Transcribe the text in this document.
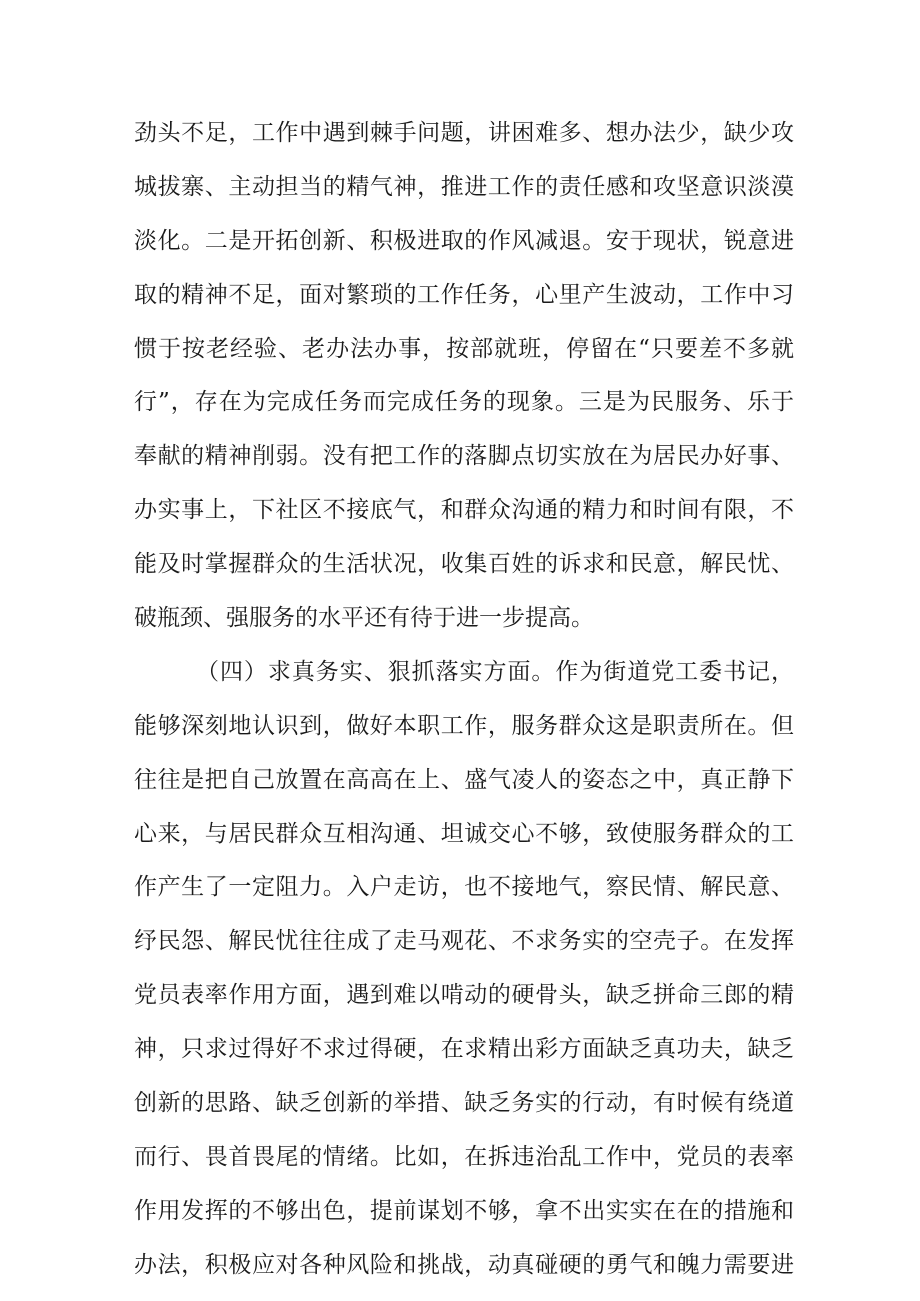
劲头不足，工作中遇到棘手问题，讲困难多、想办法少，缺少攻
城拔寨、主动担当的精气神，推进工作的责任感和攻坚意识淡漠
淡化。二是开拓创新、积极进取的作风减退。安于现状，锐意进
取的精神不足，面对繁琐的工作任务，心里产生波动，工作中习
惯于按老经验、老办法办事，按部就班，停留在“只要差不多就
行”，存在为完成任务而完成任务的现象。三是为民服务、乐于
奉献的精神削弱。没有把工作的落脚点切实放在为居民办好事、
办实事上，下社区不接底气，和群众沟通的精力和时间有限，不
能及时掌握群众的生活状况，收集百姓的诉求和民意，解民忧、
破瓶颈、强服务的水平还有待于进一步提高。
（四）求真务实、狠抓落实方面。作为街道党工委书记，
能够深刻地认识到，做好本职工作，服务群众这是职责所在。但
往往是把自己放置在高高在上、盛气凌人的姿态之中，真正静下
心来，与居民群众互相沟通、坦诚交心不够，致使服务群众的工
作产生了一定阻力。入户走访，也不接地气，察民情、解民意、
纾民怨、解民忧往往成了走马观花、不求务实的空壳子。在发挥
党员表率作用方面，遇到难以啃动的硬骨头，缺乏拼命三郎的精
神，只求过得好不求过得硬，在求精出彩方面缺乏真功夫，缺乏
创新的思路、缺乏创新的举措、缺乏务实的行动，有时候有绕道
而行、畏首畏尾的情绪。比如，在拆违治乱工作中，党员的表率
作用发挥的不够出色，提前谋划不够，拿不出实实在在的措施和
办法，积极应对各种风险和挑战，动真碰硬的勇气和魄力需要进
